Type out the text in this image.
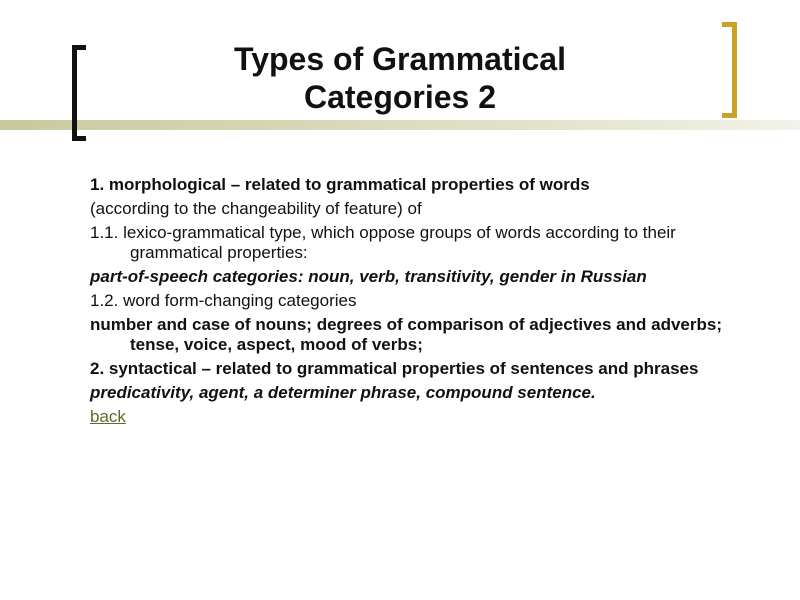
Types of Grammatical
Categories 2

1. morphological – related to grammatical properties of words

(according to the changeability of feature) of

1.1. lexico-grammatical type, which oppose groups of words according to their grammatical properties:

part-of-speech categories: noun, verb, transitivity, gender in Russian

1.2. word form-changing categories

number and case of nouns; degrees of comparison of adjectives and adverbs; tense, voice, aspect, mood of verbs;

2. syntactical – related to grammatical properties of sentences and phrases

predicativity, agent, a determiner phrase, compound sentence.

back
